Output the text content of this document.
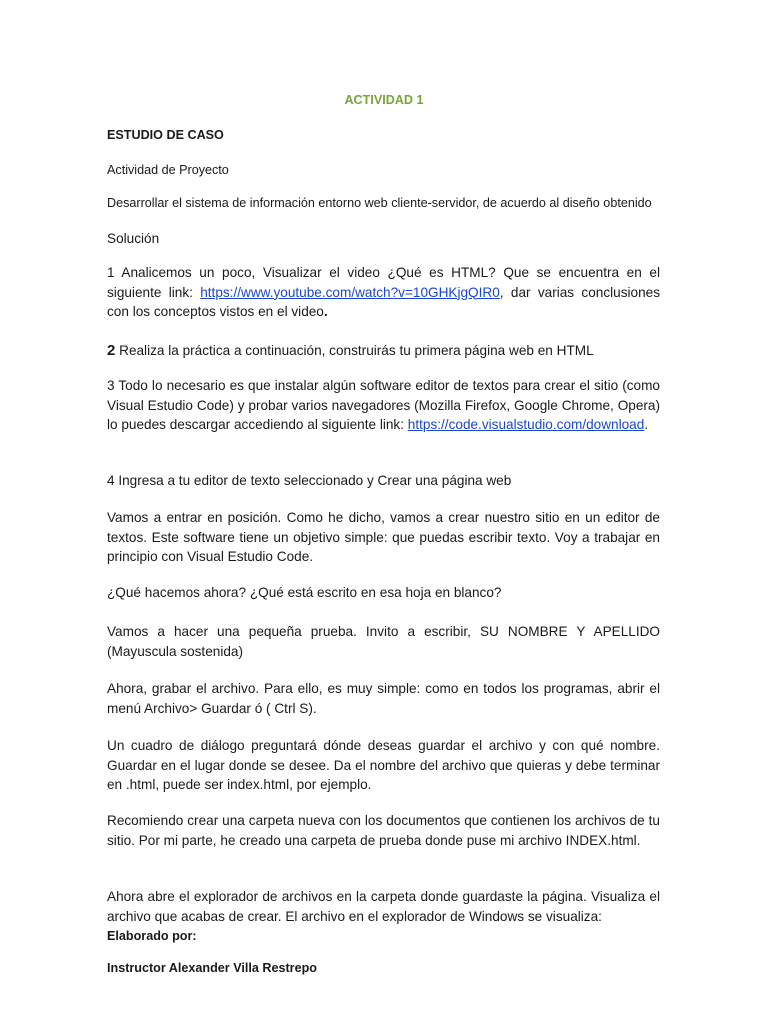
ACTIVIDAD 1

ESTUDIO DE CASO

Actividad de Proyecto

Desarrollar el sistema de información entorno web cliente-servidor, de acuerdo al diseño obtenido

Solución

1 Analicemos un poco, Visualizar el video ¿Qué es HTML? Que se encuentra en el siguiente link: https://www.youtube.com/watch?v=10GHKjgQIR0, dar varias conclusiones con los conceptos vistos en el video.

2 Realiza la práctica a continuación, construirás tu primera página web en HTML

3 Todo lo necesario es que instalar algún software editor de textos para crear el sitio (como Visual Estudio Code) y probar varios navegadores (Mozilla Firefox, Google Chrome, Opera) lo puedes descargar accediendo al siguiente link: https://code.visualstudio.com/download.

4 Ingresa a tu editor de texto seleccionado y Crear una página web

Vamos a entrar en posición. Como he dicho, vamos a crear nuestro sitio en un editor de textos. Este software tiene un objetivo simple: que puedas escribir texto. Voy a trabajar en principio con Visual Estudio Code.

¿Qué hacemos ahora? ¿Qué está escrito en esa hoja en blanco?

Vamos a hacer una pequeña prueba. Invito a escribir, SU NOMBRE Y APELLIDO (Mayuscula sostenida)

Ahora, grabar el archivo. Para ello, es muy simple: como en todos los programas, abrir el menú Archivo> Guardar ó ( Ctrl S).

Un cuadro de diálogo preguntará dónde deseas guardar el archivo y con qué nombre. Guardar en el lugar donde se desee. Da el nombre del archivo que quieras y debe terminar en .html, puede ser index.html, por ejemplo.

Recomiendo crear una carpeta nueva con los documentos que contienen los archivos de tu sitio. Por mi parte, he creado una carpeta de prueba donde puse mi archivo INDEX.html.

Ahora abre el explorador de archivos en la carpeta donde guardaste la página. Visualiza el archivo que acabas de crear. El archivo en el explorador de Windows se visualiza:

Elaborado por:

Instructor Alexander Villa Restrepo
